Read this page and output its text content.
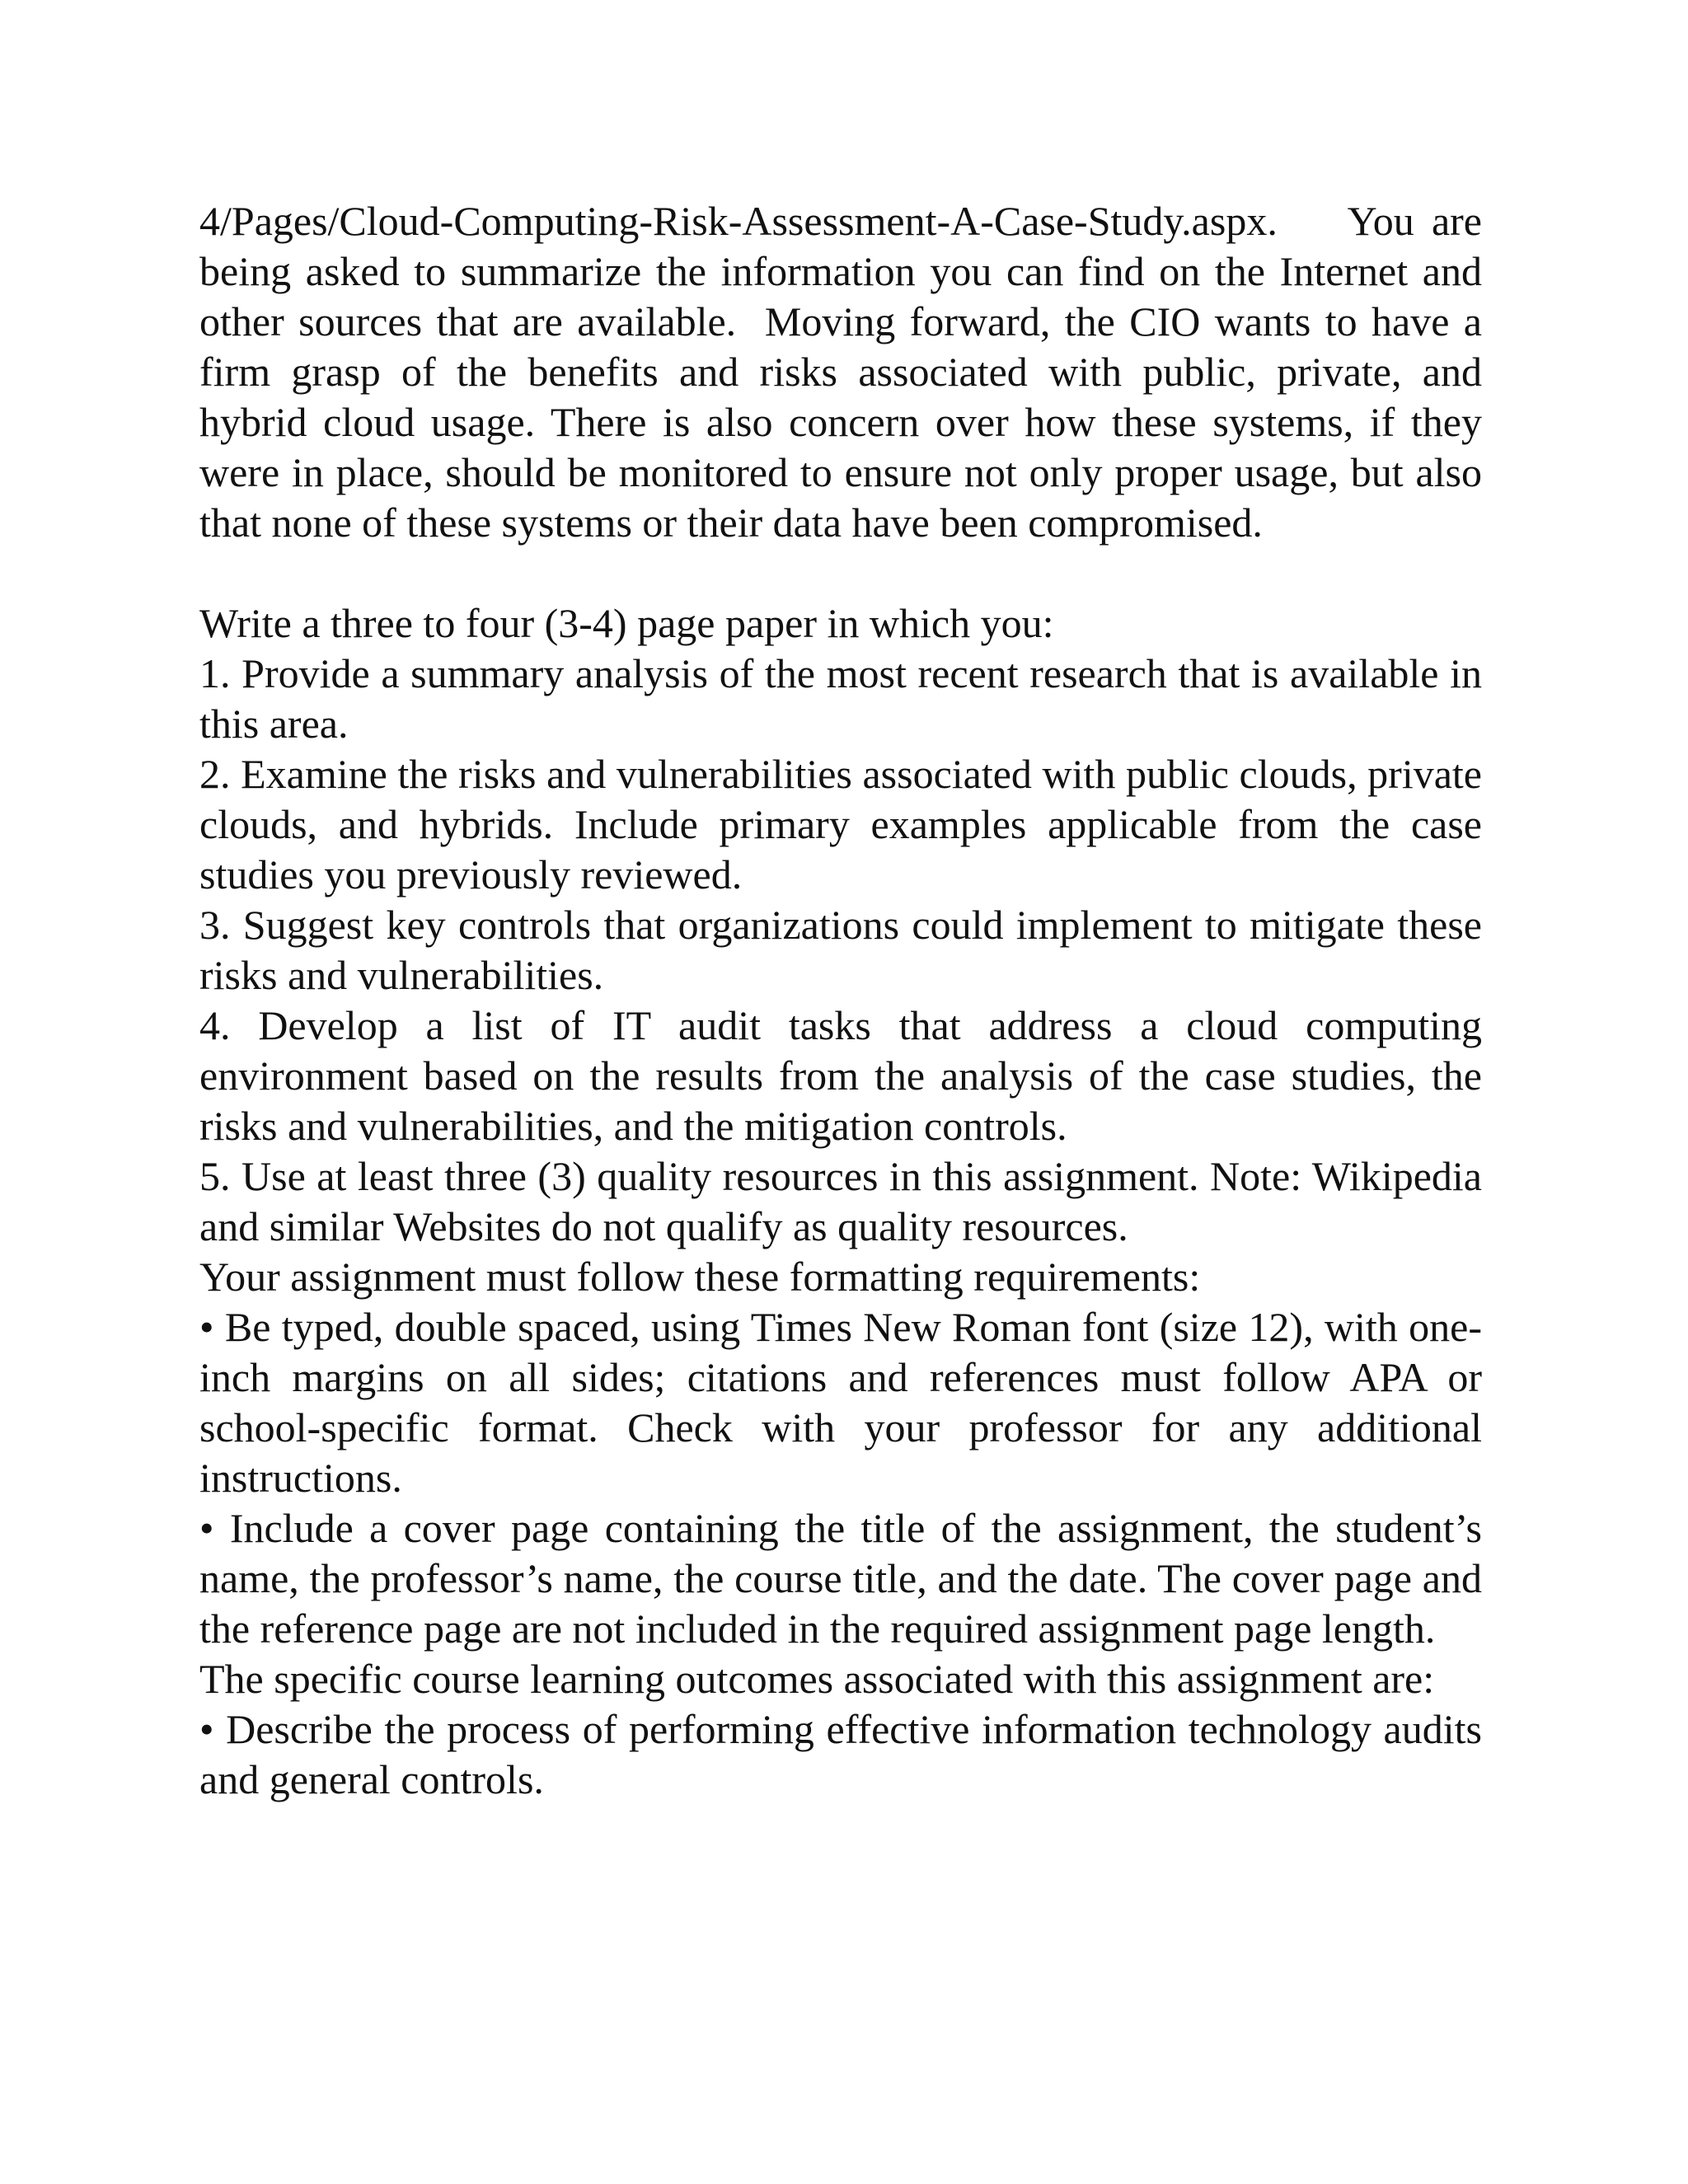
4/Pages/Cloud-Computing-Risk-Assessment-A-Case-Study.aspx.    You are being asked to summarize the information you can find on the Internet and other sources that are available.  Moving forward, the CIO wants to have a firm grasp of the benefits and risks associated with public, private, and hybrid cloud usage. There is also concern over how these systems, if they were in place, should be monitored to ensure not only proper usage, but also that none of these systems or their data have been compromised.

Write a three to four (3-4) page paper in which you:

1. Provide a summary analysis of the most recent research that is available in this area.

2. Examine the risks and vulnerabilities associated with public clouds, private clouds, and hybrids. Include primary examples applicable from the case studies you previously reviewed.

3. Suggest key controls that organizations could implement to mitigate these risks and vulnerabilities.

4. Develop a list of IT audit tasks that address a cloud computing environment based on the results from the analysis of the case studies, the risks and vulnerabilities, and the mitigation controls.

5. Use at least three (3) quality resources in this assignment. Note: Wikipedia and similar Websites do not qualify as quality resources.

Your assignment must follow these formatting requirements:

• Be typed, double spaced, using Times New Roman font (size 12), with one-inch margins on all sides; citations and references must follow APA or school-specific format. Check with your professor for any additional instructions.

• Include a cover page containing the title of the assignment, the student’s name, the professor’s name, the course title, and the date. The cover page and the reference page are not included in the required assignment page length.

The specific course learning outcomes associated with this assignment are:

• Describe the process of performing effective information technology audits and general controls.
